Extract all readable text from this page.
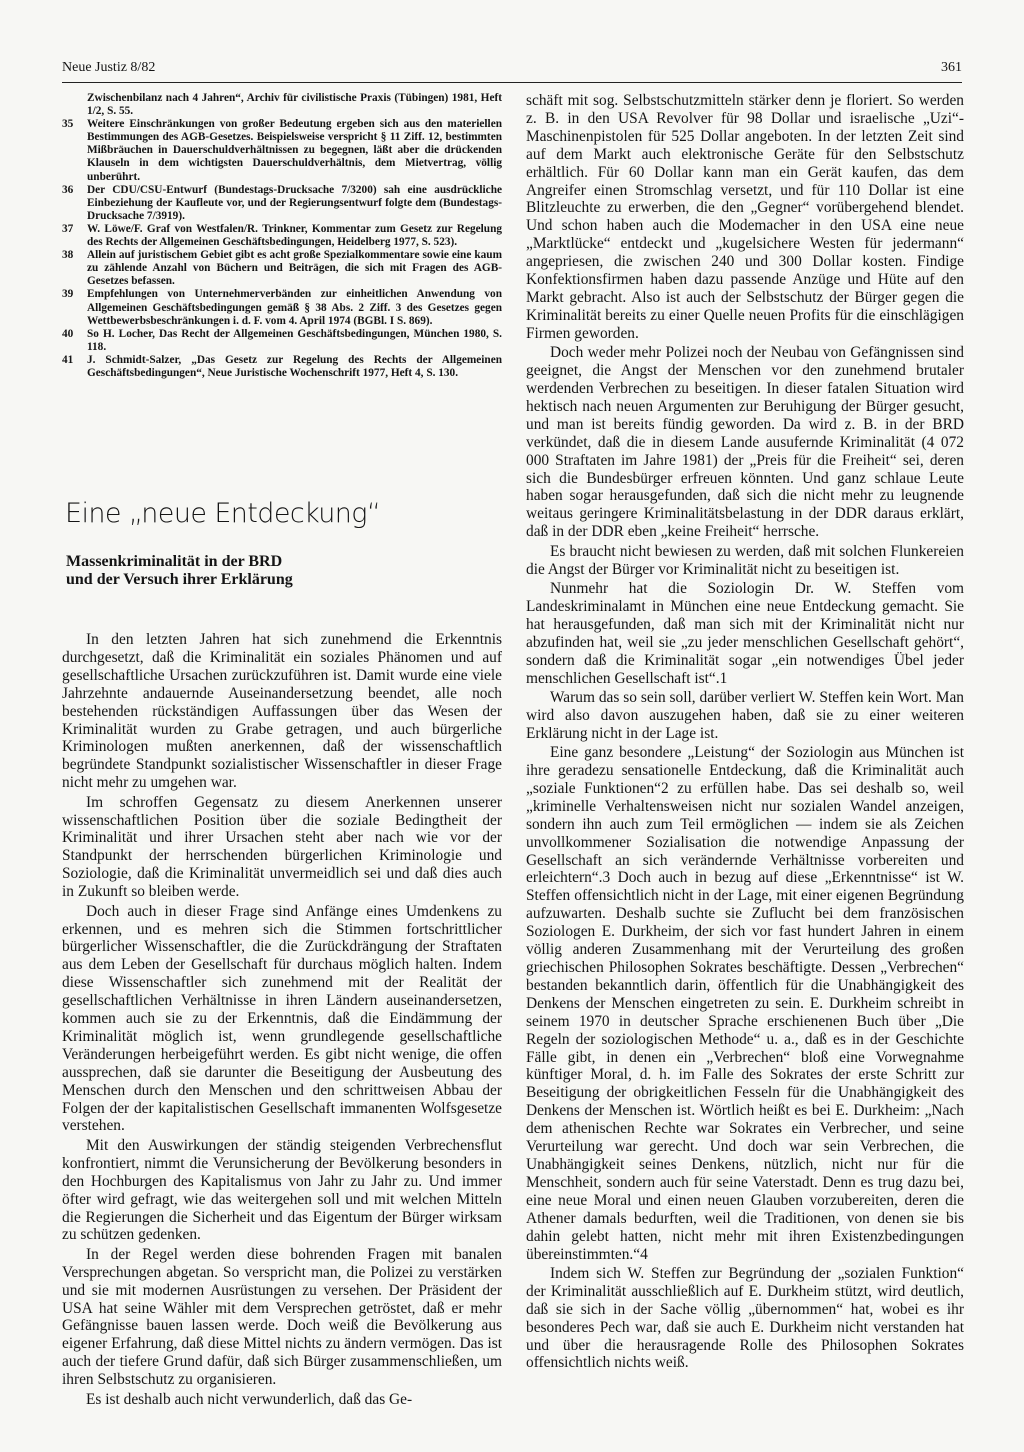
Neue Justiz 8/82	361
Zwischenbilanz nach 4 Jahren“, Archiv für civilistische Praxis (Tübingen) 1981, Heft 1/2, S. 55.
35 Weitere Einschränkungen von großer Bedeutung ergeben sich aus den materiellen Bestimmungen des AGB-Gesetzes. Beispielsweise verspricht § 11 Ziff. 12, bestimmten Mißbräuchen in Dauerschuldverhältnissen zu begegnen, läßt aber die drückenden Klauseln in dem wichtigsten Dauerschuldverhältnis, dem Mietvertrag, völlig unberührt.
36 Der CDU/CSU-Entwurf (Bundestags-Drucksache 7/3200) sah eine ausdrückliche Einbeziehung der Kaufleute vor, und der Regierungsentwurf folgte dem (Bundestags-Drucksache 7/3919).
37 W. Löwe/F. Graf von Westfalen/R. Trinkner, Kommentar zum Gesetz zur Regelung des Rechts der Allgemeinen Geschäftsbedingungen, Heidelberg 1977, S. 523).
38 Allein auf juristischem Gebiet gibt es acht große Spezialkommentare sowie eine kaum zu zählende Anzahl von Büchern und Beiträgen, die sich mit Fragen des AGB-Gesetzes befassen.
39 Empfehlungen von Unternehmerverbänden zur einheitlichen Anwendung von Allgemeinen Geschäftsbedingungen gemäß § 38 Abs. 2 Ziff. 3 des Gesetzes gegen Wettbewerbsbeschränkungen i. d. F. vom 4. April 1974 (BGBl. I S. 869).
40 So H. Locher, Das Recht der Allgemeinen Geschäftsbedingungen, München 1980, S. 118.
41 J. Schmidt-Salzer, „Das Gesetz zur Regelung des Rechts der Allgemeinen Geschäftsbedingungen“, Neue Juristische Wochenschrift 1977, Heft 4, S. 130.
Eine „neue Entdeckung“
Massenkriminalität in der BRD
und der Versuch ihrer Erklärung

In den letzten Jahren hat sich zunehmend die Erkenntnis durchgesetzt, daß die Kriminalität ein soziales Phänomen und auf gesellschaftliche Ursachen zurückzuführen ist. Damit wurde eine viele Jahrzehnte andauernde Auseinandersetzung beendet, alle noch bestehenden rückständigen Auffassungen über das Wesen der Kriminalität wurden zu Grabe getragen, und auch bürgerliche Kriminologen mußten anerkennen, daß der wissenschaftlich begründete Standpunkt sozialistischer Wissenschaftler in dieser Frage nicht mehr zu umgehen war.

Im schroffen Gegensatz zu diesem Anerkennen unserer wissenschaftlichen Position über die soziale Bedingtheit der Kriminalität und ihrer Ursachen steht aber nach wie vor der Standpunkt der herrschenden bürgerlichen Kriminologie und Soziologie, daß die Kriminalität unvermeidlich sei und daß dies auch in Zukunft so bleiben werde.

Doch auch in dieser Frage sind Anfänge eines Umdenkens zu erkennen, und es mehren sich die Stimmen fortschrittlicher bürgerlicher Wissenschaftler, die die Zurückdrängung der Straftaten aus dem Leben der Gesellschaft für durchaus möglich halten. Indem diese Wissenschaftler sich zunehmend mit der Realität der gesellschaftlichen Verhältnisse in ihren Ländern auseinandersetzen, kommen auch sie zu der Erkenntnis, daß die Eindämmung der Kriminalität möglich ist, wenn grundlegende gesellschaftliche Veränderungen herbeigeführt werden. Es gibt nicht wenige, die offen aussprechen, daß sie darunter die Beseitigung der Ausbeutung des Menschen durch den Menschen und den schrittweisen Abbau der Folgen der der kapitalistischen Gesellschaft immanenten Wolfsgesetze verstehen.

Mit den Auswirkungen der ständig steigenden Verbrechensflut konfrontiert, nimmt die Verunsicherung der Bevölkerung besonders in den Hochburgen des Kapitalismus von Jahr zu Jahr zu. Und immer öfter wird gefragt, wie das weitergehen soll und mit welchen Mitteln die Regierungen die Sicherheit und das Eigentum der Bürger wirksam zu schützen gedenken.

In der Regel werden diese bohrenden Fragen mit banalen Versprechungen abgetan. So verspricht man, die Polizei zu verstärken und sie mit modernen Ausrüstungen zu versehen. Der Präsident der USA hat seine Wähler mit dem Versprechen getröstet, daß er mehr Gefängnisse bauen lassen werde. Doch weiß die Bevölkerung aus eigener Erfahrung, daß diese Mittel nichts zu ändern vermögen. Das ist auch der tiefere Grund dafür, daß sich Bürger zusammenschließen, um ihren Selbstschutz zu organisieren.

Es ist deshalb auch nicht verwunderlich, daß das Ge-

schäft mit sog. Selbstschutzmitteln stärker denn je floriert. So werden z. B. in den USA Revolver für 98 Dollar und israelische „Uzi“-Maschinenpistolen für 525 Dollar angeboten. In der letzten Zeit sind auf dem Markt auch elektronische Geräte für den Selbstschutz erhältlich. Für 60 Dollar kann man ein Gerät kaufen, das dem Angreifer einen Stromschlag versetzt, und für 110 Dollar ist eine Blitzleuchte zu erwerben, die den „Gegner“ vorübergehend blendet. Und schon haben auch die Modemacher in den USA eine neue „Marktlücke“ entdeckt und „kugelsichere Westen für jedermann“ angepriesen, die zwischen 240 und 300 Dollar kosten. Findige Konfektionsfirmen haben dazu passende Anzüge und Hüte auf den Markt gebracht. Also ist auch der Selbstschutz der Bürger gegen die Kriminalität bereits zu einer Quelle neuen Profits für die einschlägigen Firmen geworden.

Doch weder mehr Polizei noch der Neubau von Gefängnissen sind geeignet, die Angst der Menschen vor den zunehmend brutaler werdenden Verbrechen zu beseitigen. In dieser fatalen Situation wird hektisch nach neuen Argumenten zur Beruhigung der Bürger gesucht, und man ist bereits fündig geworden. Da wird z. B. in der BRD verkündet, daß die in diesem Lande ausufernde Kriminalität (4 072 000 Straftaten im Jahre 1981) der „Preis für die Freiheit“ sei, deren sich die Bundesbürger erfreuen könnten. Und ganz schlaue Leute haben sogar herausgefunden, daß sich die nicht mehr zu leugnende weitaus geringere Kriminalitätsbelastung in der DDR daraus erklärt, daß in der DDR eben „keine Freiheit“ herrsche.

Es braucht nicht bewiesen zu werden, daß mit solchen Flunkereien die Angst der Bürger vor Kriminalität nicht zu beseitigen ist.

Nunmehr hat die Soziologin Dr. W. Steffen vom Landeskriminalamt in München eine neue Entdeckung gemacht. Sie hat herausgefunden, daß man sich mit der Kriminalität nicht nur abzufinden hat, weil sie „zu jeder menschlichen Gesellschaft gehört“, sondern daß die Kriminalität sogar „ein notwendiges Übel jeder menschlichen Gesellschaft ist“.1

Warum das so sein soll, darüber verliert W. Steffen kein Wort. Man wird also davon auszugehen haben, daß sie zu einer weiteren Erklärung nicht in der Lage ist.

Eine ganz besondere „Leistung“ der Soziologin aus München ist ihre geradezu sensationelle Entdeckung, daß die Kriminalität auch „soziale Funktionen“2 zu erfüllen habe. Das sei deshalb so, weil „kriminelle Verhaltensweisen nicht nur sozialen Wandel anzeigen, sondern ihn auch zum Teil ermöglichen — indem sie als Zeichen unvollkommener Sozialisation die notwendige Anpassung der Gesellschaft an sich verändernde Verhältnisse vorbereiten und erleichtern“.3 Doch auch in bezug auf diese „Erkenntnisse“ ist W. Steffen offensichtlich nicht in der Lage, mit einer eigenen Begründung aufzuwarten. Deshalb suchte sie Zuflucht bei dem französischen Soziologen E. Durkheim, der sich vor fast hundert Jahren in einem völlig anderen Zusammenhang mit der Verurteilung des großen griechischen Philosophen Sokrates beschäftigte. Dessen „Verbrechen“ bestanden bekanntlich darin, öffentlich für die Unabhängigkeit des Denkens der Menschen eingetreten zu sein. E. Durkheim schreibt in seinem 1970 in deutscher Sprache erschienenen Buch über „Die Regeln der soziologischen Methode“ u. a., daß es in der Geschichte Fälle gibt, in denen ein „Verbrechen“ bloß eine Vorwegnahme künftiger Moral, d. h. im Falle des Sokrates der erste Schritt zur Beseitigung der obrigkeitlichen Fesseln für die Unabhängigkeit des Denkens der Menschen ist. Wörtlich heißt es bei E. Durkheim: „Nach dem athenischen Rechte war Sokrates ein Verbrecher, und seine Verurteilung war gerecht. Und doch war sein Verbrechen, die Unabhängigkeit seines Denkens, nützlich, nicht nur für die Menschheit, sondern auch für seine Vaterstadt. Denn es trug dazu bei, eine neue Moral und einen neuen Glauben vorzubereiten, deren die Athener damals bedurften, weil die Traditionen, von denen sie bis dahin gelebt hatten, nicht mehr mit ihren Existenzbedingungen übereinstimmten.“4

Indem sich W. Steffen zur Begründung der „sozialen Funktion“ der Kriminalität ausschließlich auf E. Durkheim stützt, wird deutlich, daß sie sich in der Sache völlig „übernommen“ hat, wobei es ihr besonderes Pech war, daß sie auch E. Durkheim nicht verstanden hat und über die herausragende Rolle des Philosophen Sokrates offensichtlich nichts weiß.
